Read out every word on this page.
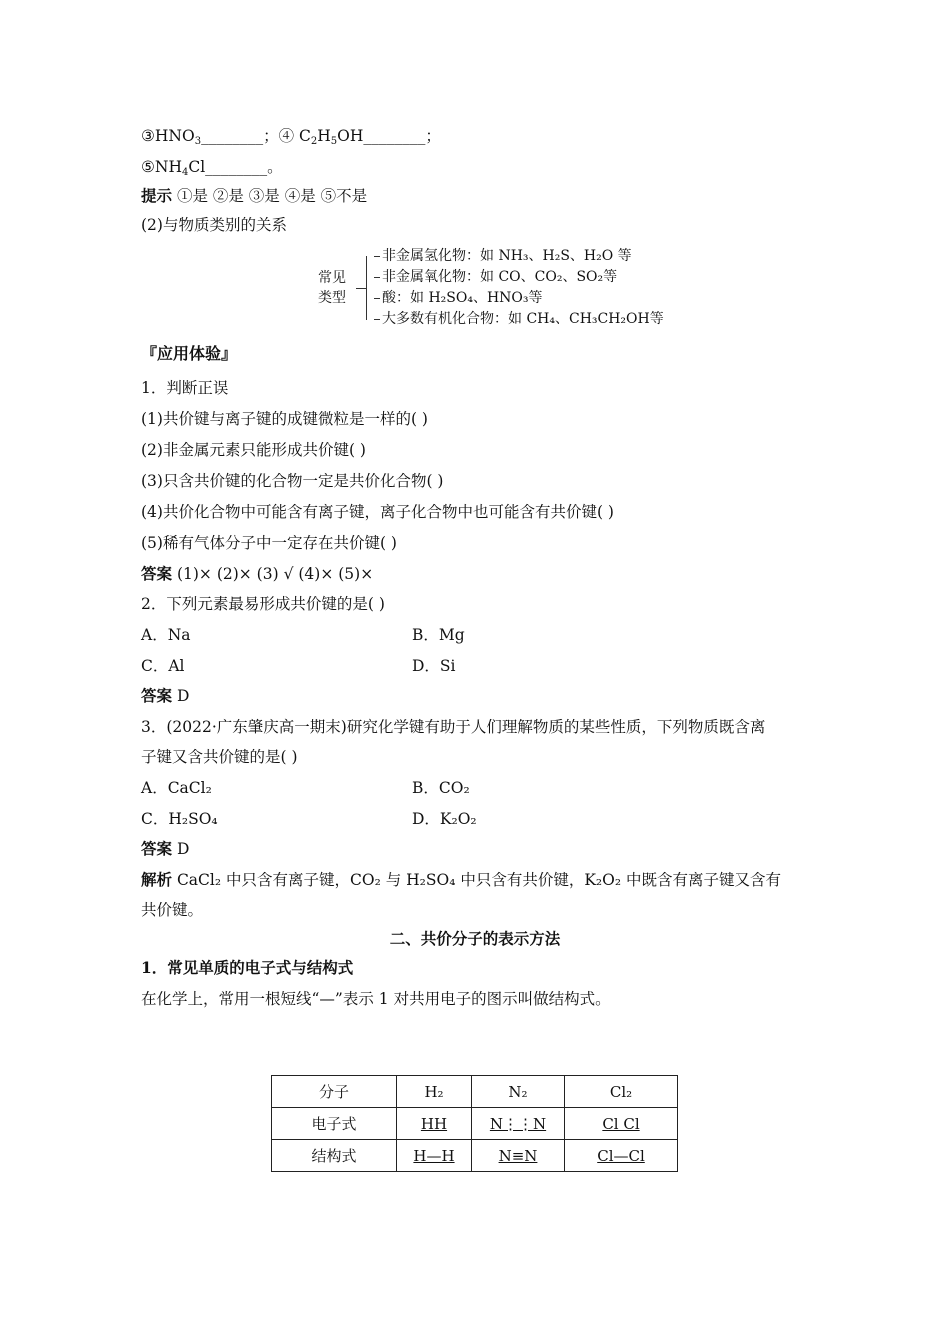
$③HNO_3\_\_\_\_\_\_\_\_$；④ $C_2H_5OH\_\_\_\_\_\_\_\_$；
$⑤NH_4Cl\_\_\_\_\_\_\_\_$。
提示 ①是 ②是 ③是 ④是 ⑤不是
(2)与物质类别的关系
常见
类型
非金属氢化物：如 NH₃、H₂S、H₂O 等
非金属氧化物：如 CO、CO₂、SO₂等
酸：如 H₂SO₄、HNO₃等
大多数有机化合物：如 CH₄、CH₃CH₂OH等
『应用体验』
1．判断正误
(1)共价键与离子键的成键微粒是一样的( )
(2)非金属元素只能形成共价键( )
(3)只含共价键的化合物一定是共价化合物( )
(4)共价化合物中可能含有离子键，离子化合物中也可能含有共价键( )
(5)稀有气体分子中一定存在共价键( )
答案 (1)× (2)× (3) √ (4)× (5)×
2．下列元素最易形成共价键的是( )
A．Na	B．Mg
C．Al	D．Si
答案 D
3．(2022·广东肇庆高一期末)研究化学键有助于人们理解物质的某些性质，下列物质既含离
子键又含共价键的是( )
A．CaCl₂	B．CO₂
C．H₂SO₄	D．K₂O₂
答案 D
解析 CaCl₂ 中只含有离子键，CO₂ 与 H₂SO₄ 中只含有共价键，K₂O₂ 中既含有离子键又含有
共价键。
二、共价分子的表示方法
1．常见单质的电子式与结构式
在化学上，常用一根短线“—”表示 1 对共用电子的图示叫做结构式。
分子	H₂	N₂	Cl₂
电子式	HH	N⋮⋮N	Cl Cl
结构式	H—H	N≡N	Cl—Cl
